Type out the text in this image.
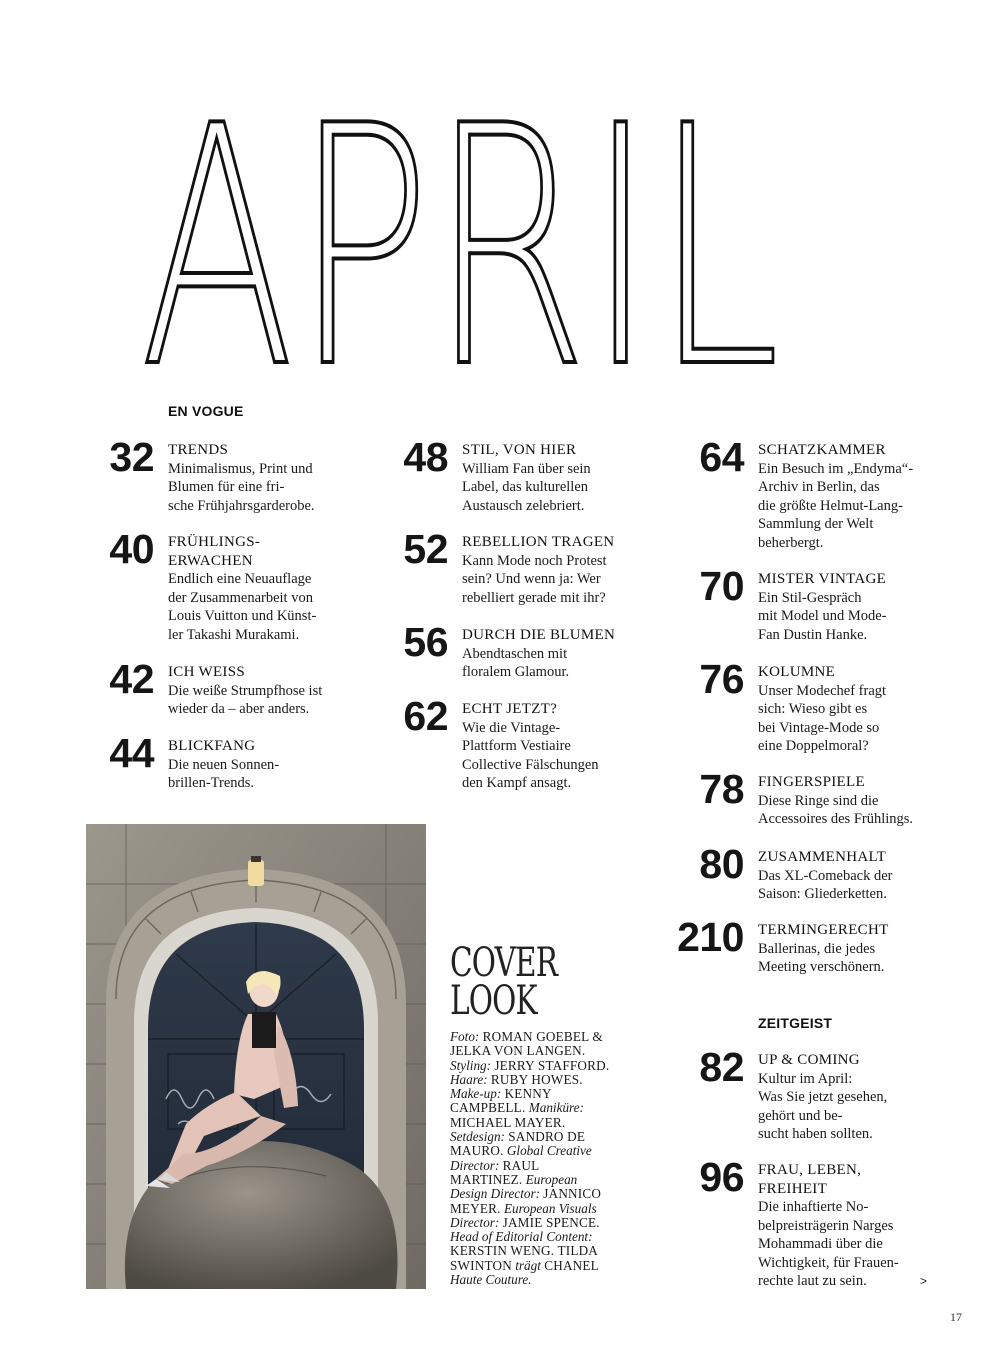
APRIL
EN VOGUE
ZEITGEIST
32 TRENDS
Minimalismus, Print und
Blumen für eine fri-
sche Frühjahrsgarderobe.
40 FRÜHLINGS-
ERWACHEN
Endlich eine Neuauflage
der Zusammenarbeit von
Louis Vuitton und Künst-
ler Takashi Murakami.
42 ICH WEISS
Die weiße Strumpfhose ist
wieder da – aber anders.
44 BLICKFANG
Die neuen Sonnen-
brillen-Trends.
48 STIL, VON HIER
William Fan über sein
Label, das kulturellen
Austausch zelebriert.
52 REBELLION TRAGEN
Kann Mode noch Protest
sein? Und wenn ja: Wer
rebelliert gerade mit ihr?
56 DURCH DIE BLUMEN
Abendtaschen mit
floralem Glamour.
62 ECHT JETZT?
Wie die Vintage-
Plattform Vestiaire
Collective Fälschungen
den Kampf ansagt.
64 SCHATZKAMMER
Ein Besuch im „Endyma“-
Archiv in Berlin, das
die größte Helmut-Lang-
Sammlung der Welt
beherbergt.
70 MISTER VINTAGE
Ein Stil-Gespräch
mit Model und Mode-
Fan Dustin Hanke.
76 KOLUMNE
Unser Modechef fragt
sich: Wieso gibt es
bei Vintage-Mode so
eine Doppelmoral?
78 FINGERSPIELE
Diese Ringe sind die
Accessoires des Frühlings.
80 ZUSAMMENHALT
Das XL-Comeback der
Saison: Gliederketten.
210 TERMINGERECHT
Ballerinas, die jedes
Meeting verschönern.
82 UP & COMING
Kultur im April:
Was Sie jetzt gesehen,
gehört und be-
sucht haben sollten.
96 FRAU, LEBEN,
FREIHEIT
Die inhaftierte No-
belpreisträgerin Narges
Mohammadi über die
Wichtigkeit, für Frauen-
rechte laut zu sein.
COVER
LOOK
Foto: ROMAN GOEBEL & JELKA VON LANGEN. Styling: JERRY STAFFORD. Haare: RUBY HOWES. Make-up: KENNY CAMPBELL. Maniküre: MICHAEL MAYER. Setdesign: SANDRO DE MAURO. Global Creative Director: RAUL MARTINEZ. European Design Director: JANNICO MEYER. European Visuals Director: JAMIE SPENCE. Head of Editorial Content: KERSTIN WENG. TILDA SWINTON trägt CHANEL Haute Couture.	>
17
